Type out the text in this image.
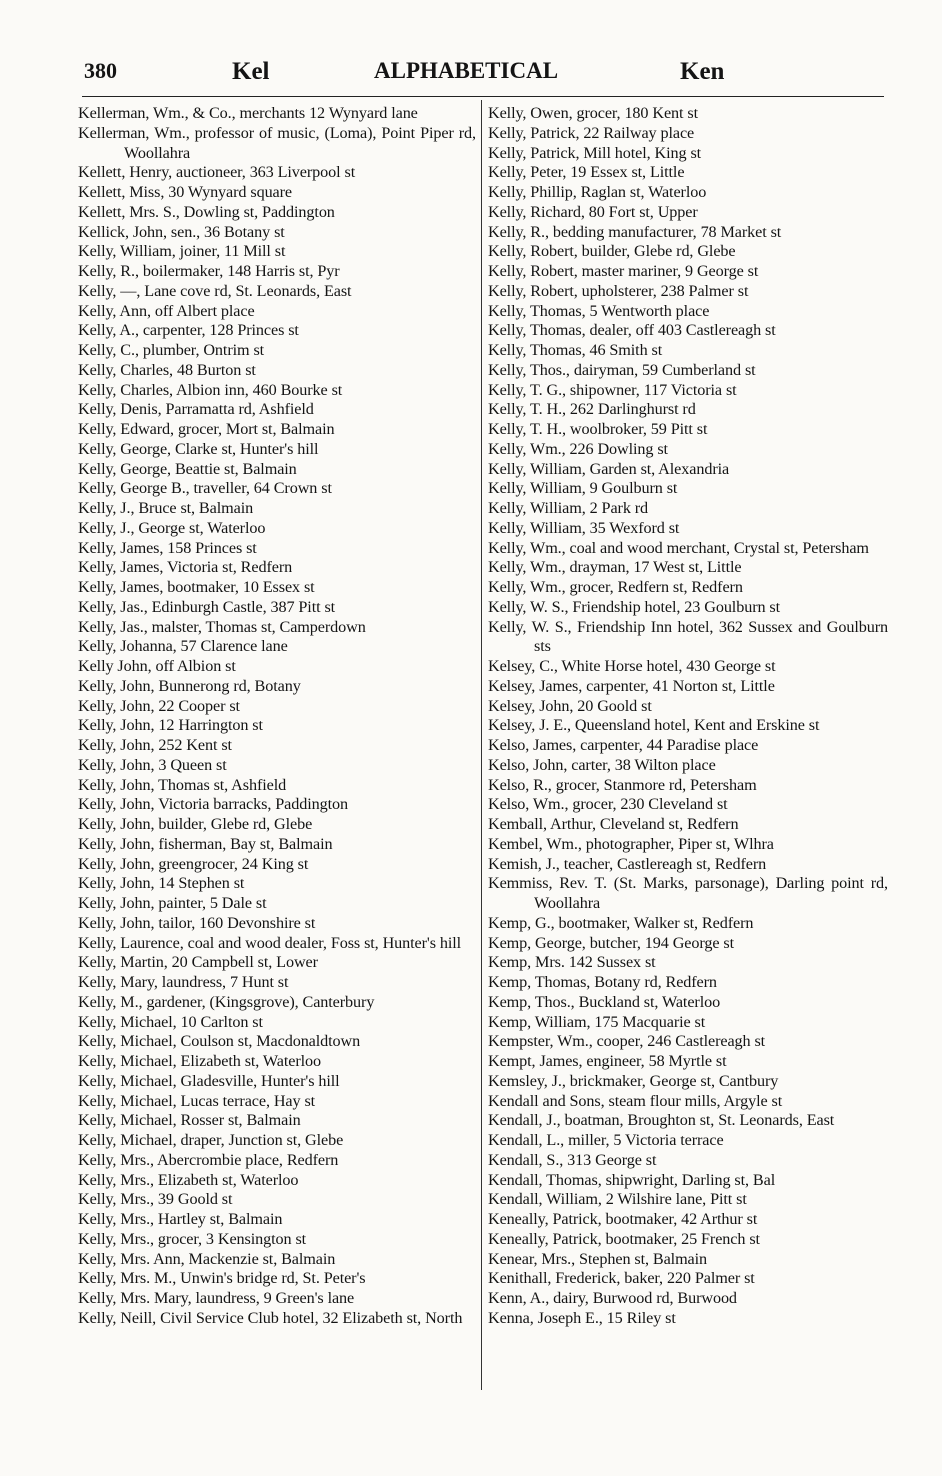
380	Kel	ALPHABETICAL	Ken
Kellerman, Wm., & Co., merchants 12 Wynyard lane
Kellerman, Wm., professor of music, (Loma), Point Piper rd, Woollahra
Kellett, Henry, auctioneer, 363 Liverpool st
Kellett, Miss, 30 Wynyard square
Kellett, Mrs. S., Dowling st, Paddington
Kellick, John, sen., 36 Botany st
Kelly, William, joiner, 11 Mill st
Kelly, R., boilermaker, 148 Harris st, Pyr
Kelly, —, Lane cove rd, St. Leonards, East
Kelly, Ann, off Albert place
Kelly, A., carpenter, 128 Princes st
Kelly, C., plumber, Ontrim st
Kelly, Charles, 48 Burton st
Kelly, Charles, Albion inn, 460 Bourke st
Kelly, Denis, Parramatta rd, Ashfield
Kelly, Edward, grocer, Mort st, Balmain
Kelly, George, Clarke st, Hunter's hill
Kelly, George, Beattie st, Balmain
Kelly, George B., traveller, 64 Crown st
Kelly, J., Bruce st, Balmain
Kelly, J., George st, Waterloo
Kelly, James, 158 Princes st
Kelly, James, Victoria st, Redfern
Kelly, James, bootmaker, 10 Essex st
Kelly, Jas., Edinburgh Castle, 387 Pitt st
Kelly, Jas., malster, Thomas st, Camperdown
Kelly, Johanna, 57 Clarence lane
Kelly John, off Albion st
Kelly, John, Bunnerong rd, Botany
Kelly, John, 22 Cooper st
Kelly, John, 12 Harrington st
Kelly, John, 252 Kent st
Kelly, John, 3 Queen st
Kelly, John, Thomas st, Ashfield
Kelly, John, Victoria barracks, Paddington
Kelly, John, builder, Glebe rd, Glebe
Kelly, John, fisherman, Bay st, Balmain
Kelly, John, greengrocer, 24 King st
Kelly, John, 14 Stephen st
Kelly, John, painter, 5 Dale st
Kelly, John, tailor, 160 Devonshire st
Kelly, Laurence, coal and wood dealer, Foss st, Hunter's hill
Kelly, Martin, 20 Campbell st, Lower
Kelly, Mary, laundress, 7 Hunt st
Kelly, M., gardener, (Kingsgrove), Canterbury
Kelly, Michael, 10 Carlton st
Kelly, Michael, Coulson st, Macdonaldtown
Kelly, Michael, Elizabeth st, Waterloo
Kelly, Michael, Gladesville, Hunter's hill
Kelly, Michael, Lucas terrace, Hay st
Kelly, Michael, Rosser st, Balmain
Kelly, Michael, draper, Junction st, Glebe
Kelly, Mrs., Abercrombie place, Redfern
Kelly, Mrs., Elizabeth st, Waterloo
Kelly, Mrs., 39 Goold st
Kelly, Mrs., Hartley st, Balmain
Kelly, Mrs., grocer, 3 Kensington st
Kelly, Mrs. Ann, Mackenzie st, Balmain
Kelly, Mrs. M., Unwin's bridge rd, St. Peter's
Kelly, Mrs. Mary, laundress, 9 Green's lane
Kelly, Neill, Civil Service Club hotel, 32 Elizabeth st, North
Kelly, Owen, grocer, 180 Kent st
Kelly, Patrick, 22 Railway place
Kelly, Patrick, Mill hotel, King st
Kelly, Peter, 19 Essex st, Little
Kelly, Phillip, Raglan st, Waterloo
Kelly, Richard, 80 Fort st, Upper
Kelly, R., bedding manufacturer, 78 Market st
Kelly, Robert, builder, Glebe rd, Glebe
Kelly, Robert, master mariner, 9 George st
Kelly, Robert, upholsterer, 238 Palmer st
Kelly, Thomas, 5 Wentworth place
Kelly, Thomas, dealer, off 403 Castlereagh st
Kelly, Thomas, 46 Smith st
Kelly, Thos., dairyman, 59 Cumberland st
Kelly, T. G., shipowner, 117 Victoria st
Kelly, T. H., 262 Darlinghurst rd
Kelly, T. H., woolbroker, 59 Pitt st
Kelly, Wm., 226 Dowling st
Kelly, William, Garden st, Alexandria
Kelly, William, 9 Goulburn st
Kelly, William, 2 Park rd
Kelly, William, 35 Wexford st
Kelly, Wm., coal and wood merchant, Crystal st, Petersham
Kelly, Wm., drayman, 17 West st, Little
Kelly, Wm., grocer, Redfern st, Redfern
Kelly, W. S., Friendship hotel, 23 Goulburn st
Kelly, W. S., Friendship Inn hotel, 362 Sussex and Goulburn sts
Kelsey, C., White Horse hotel, 430 George st
Kelsey, James, carpenter, 41 Norton st, Little
Kelsey, John, 20 Goold st
Kelsey, J. E., Queensland hotel, Kent and Erskine st
Kelso, James, carpenter, 44 Paradise place
Kelso, John, carter, 38 Wilton place
Kelso, R., grocer, Stanmore rd, Petersham
Kelso, Wm., grocer, 230 Cleveland st
Kemball, Arthur, Cleveland st, Redfern
Kembel, Wm., photographer, Piper st, Wlhra
Kemish, J., teacher, Castlereagh st, Redfern
Kemmiss, Rev. T. (St. Marks, parsonage), Darling point rd, Woollahra
Kemp, G., bootmaker, Walker st, Redfern
Kemp, George, butcher, 194 George st
Kemp, Mrs. 142 Sussex st
Kemp, Thomas, Botany rd, Redfern
Kemp, Thos., Buckland st, Waterloo
Kemp, William, 175 Macquarie st
Kempster, Wm., cooper, 246 Castlereagh st
Kempt, James, engineer, 58 Myrtle st
Kemsley, J., brickmaker, George st, Cantbury
Kendall and Sons, steam flour mills, Argyle st
Kendall, J., boatman, Broughton st, St. Leonards, East
Kendall, L., miller, 5 Victoria terrace
Kendall, S., 313 George st
Kendall, Thomas, shipwright, Darling st, Bal
Kendall, William, 2 Wilshire lane, Pitt st
Keneally, Patrick, bootmaker, 42 Arthur st
Keneally, Patrick, bootmaker, 25 French st
Kenear, Mrs., Stephen st, Balmain
Kenithall, Frederick, baker, 220 Palmer st
Kenn, A., dairy, Burwood rd, Burwood
Kenna, Joseph E., 15 Riley st
